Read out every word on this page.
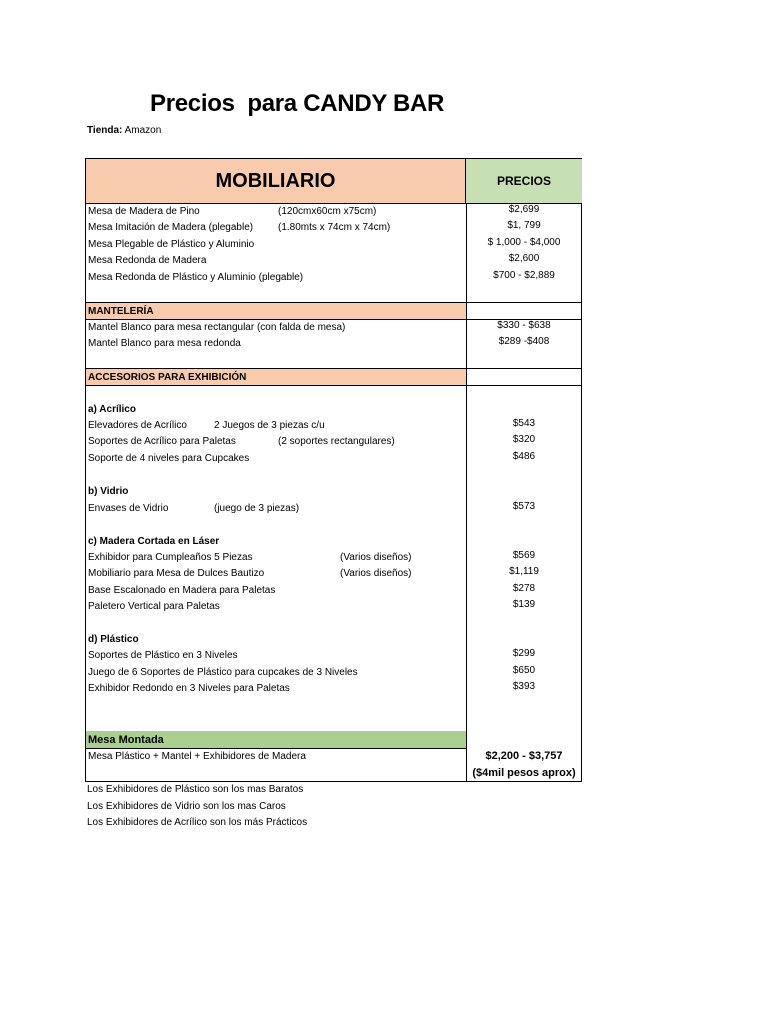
Precios  para CANDY BAR
Tienda: Amazon
MOBILIARIO	PRECIOS
Mesa de Madera de Pino	(120cmx60cm x75cm)	$2,699
Mesa Imitación de Madera (plegable) (1.80mts x 74cm x 74cm)	$1, 799
Mesa Plegable de Plástico y Aluminio	$ 1,000 - $4,000
Mesa Redonda de Madera	$2,600
Mesa Redonda de Plástico y Aluminio (plegable)	$700 - $2,889
MANTELERÍA
Mantel Blanco para mesa rectangular (con falda de mesa)	$330 - $638
Mantel Blanco para mesa redonda	$289 -$408
ACCESORIOS PARA EXHIBICIÓN
a) Acrílico
Elevadores de Acrílico	2 Juegos de 3 piezas c/u	$543
Soportes de Acrílico para Paletas	(2 soportes rectangulares)	$320
Soporte de 4 niveles para Cupcakes	$486
b) Vidrio
Envases de Vidrio	(juego de 3 piezas)	$573
c) Madera Cortada en Láser
Exhibidor para Cumpleaños 5 Piezas	(Varios diseños)	$569
Mobiliario para Mesa de Dulces Bautizo	(Varios diseños)	$1,119
Base Escalonado en Madera para Paletas	$278
Paletero Vertical para Paletas	$139
d) Plástico
Soportes de Plástico en 3 Niveles	$299
Juego de 6 Soportes de Plástico para cupcakes de 3 Niveles	$650
Exhibidor Redondo en 3 Niveles para Paletas	$393
Mesa Montada
Mesa Plástico + Mantel + Exhibidores de Madera	$2,200 - $3,757
($4mil pesos aprox)
Los Exhibidores de Plástico son los mas Baratos
Los Exhibidores de Vidrio son los mas Caros
Los Exhibidores de Acrílico son los más Prácticos
